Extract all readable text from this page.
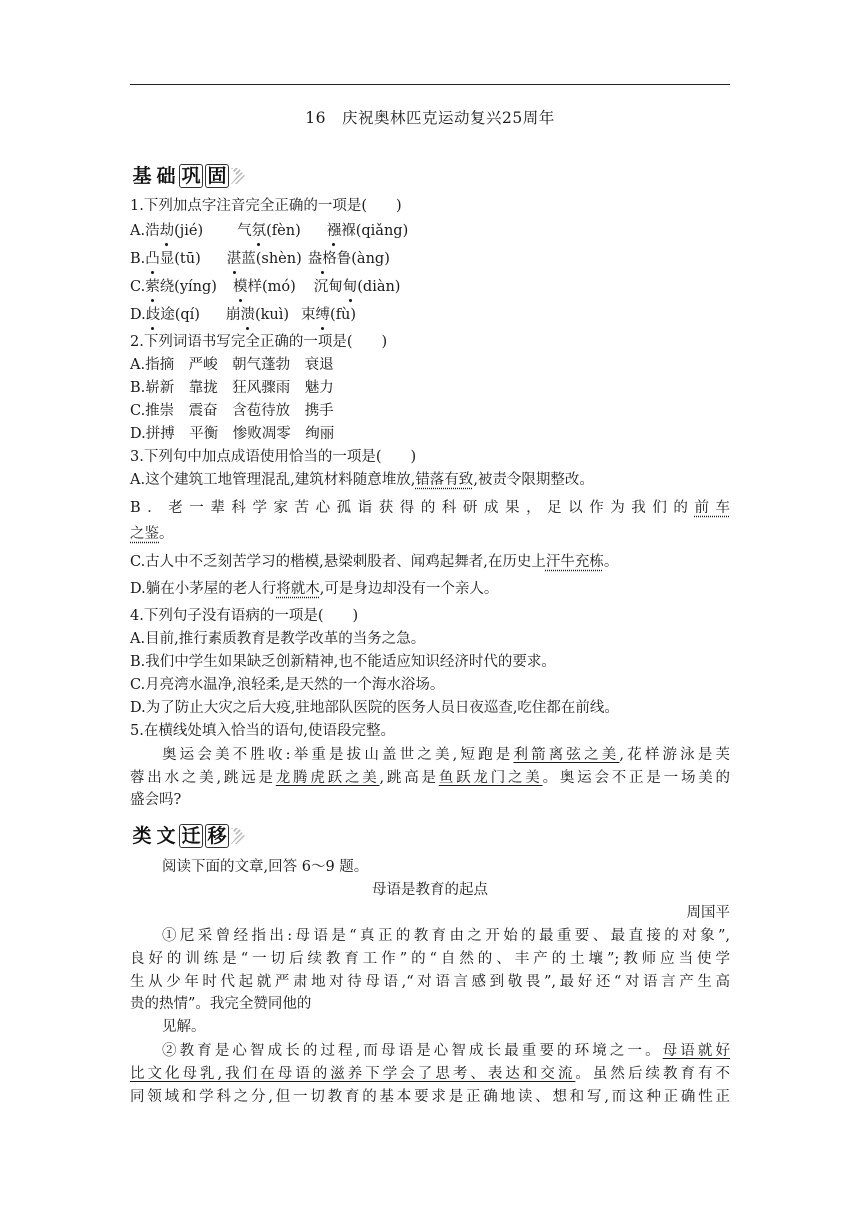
16　 庆祝奥林匹克运动复兴25周年
基 础 巩 固
1.下列加点字注音完全正确的一项是(　　)
A.浩劫(jié) 气氛(fèn) 襁褓(qiǎng)
B.凸显(tū) 湛蓝(shèn) 盎格鲁(àng)
C.萦绕(yíng) 模样(mó) 沉甸甸(diàn)
D.歧途(qí) 崩溃(kuì) 束缚(fù)
2.下列词语书写完全正确的一项是(　　)
A.指摘　 严峻　 朝气蓬勃　 衰退
B.崭新　 靠拢　 狂风骤雨　 魅力
C.推崇　 震奋　 含苞待放　 携手
D.拼搏　 平衡　 惨败凋零　 绚丽
3.下列句中加点成语使用恰当的一项是(　　)
A.这个建筑工地管理混乱,建筑材料随意堆放,错落有致,被责令限期整改。
B．老一辈科学家苦心孤诣获得的科研成果，足以作为我们的前车
之鉴。
C.古人中不乏刻苦学习的楷模,悬梁刺股者、闻鸡起舞者,在历史上汗牛充栋。
D.躺在小茅屋的老人行将就木,可是身边却没有一个亲人。
4.下列句子没有语病的一项是(　　)
A.目前,推行素质教育是教学改革的当务之急。
B.我们中学生如果缺乏创新精神,也不能适应知识经济时代的要求。
C.月亮湾水温净,浪轻柔,是天然的一个海水浴场。
D.为了防止大灾之后大疫,驻地部队医院的医务人员日夜巡查,吃住都在前线。
5.在横线处填入恰当的语句,使语段完整。
奥运会美不胜收:举重是拔山盖世之美,短跑是利箭离弦之美,花样游泳是芙
蓉出水之美,跳远是龙腾虎跃之美,跳高是鱼跃龙门之美。奥运会不正是一场美的
盛会吗?
类 文 迁 移
阅读下面的文章,回答 6～9 题。
母语是教育的起点
周国平
①尼采曾经指出:母语是“真正的教育由之开始的最重要、最直接的对象”,
良好的训练是“一切后续教育工作”的“自然的、丰产的土壤”;教师应当使学
生从少年时代起就严肃地对待母语,“对语言感到敬畏”,最好还“对语言产生高
贵的热情”。我完全赞同他的
见解。
②教育是心智成长的过程,而母语是心智成长最重要的环境之一。母语就好
比文化母乳,我们在母语的滋养下学会了思考、表达和交流。虽然后续教育有不
同领域和学科之分,但一切教育的基本要求是正确地读、想和写,而这种正确性正
